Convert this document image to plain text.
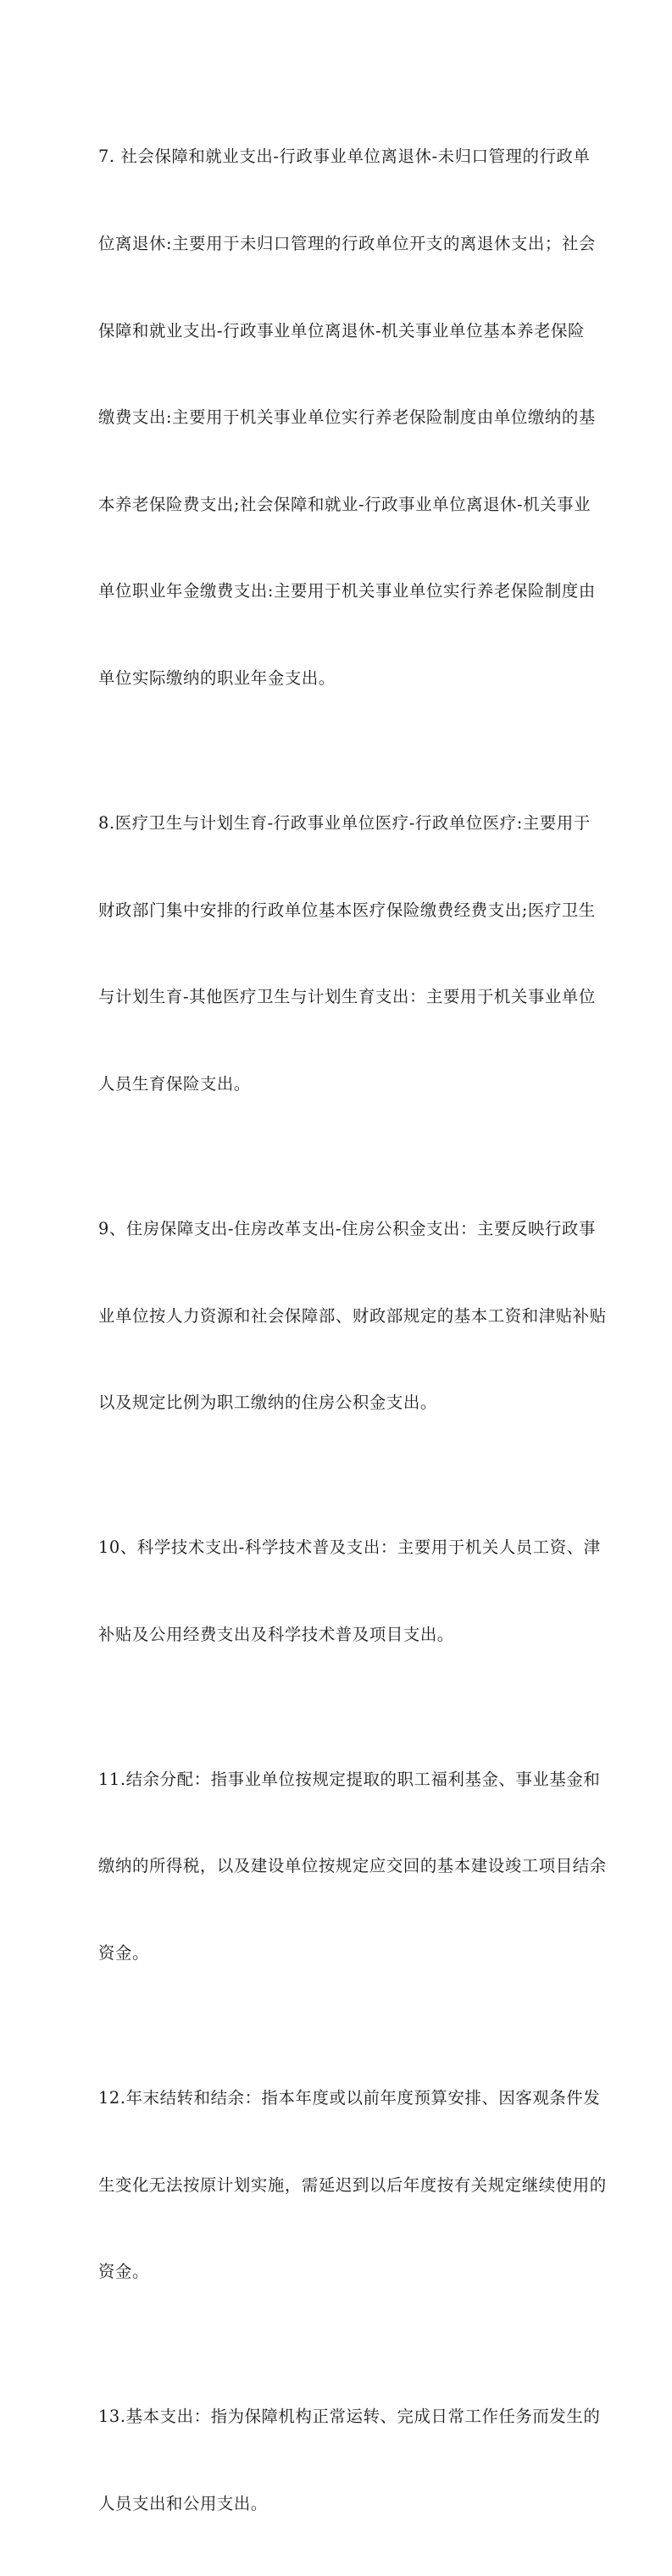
7. 社会保障和就业支出-行政事业单位离退休-未归口管理的行政单

位离退休:主要用于未归口管理的行政单位开支的离退休支出；社会

保障和就业支出-行政事业单位离退休-机关事业单位基本养老保险

缴费支出:主要用于机关事业单位实行养老保险制度由单位缴纳的基

本养老保险费支出;社会保障和就业-行政事业单位离退休-机关事业

单位职业年金缴费支出:主要用于机关事业单位实行养老保险制度由

单位实际缴纳的职业年金支出。

8.医疗卫生与计划生育-行政事业单位医疗-行政单位医疗:主要用于

财政部门集中安排的行政单位基本医疗保险缴费经费支出;医疗卫生

与计划生育-其他医疗卫生与计划生育支出：主要用于机关事业单位

人员生育保险支出。

9、住房保障支出-住房改革支出-住房公积金支出：主要反映行政事

业单位按人力资源和社会保障部、财政部规定的基本工资和津贴补贴

以及规定比例为职工缴纳的住房公积金支出。

10、科学技术支出-科学技术普及支出：主要用于机关人员工资、津

补贴及公用经费支出及科学技术普及项目支出。

11.结余分配：指事业单位按规定提取的职工福利基金、事业基金和

缴纳的所得税，以及建设单位按规定应交回的基本建设竣工项目结余

资金。

12.年末结转和结余：指本年度或以前年度预算安排、因客观条件发

生变化无法按原计划实施，需延迟到以后年度按有关规定继续使用的

资金。

13.基本支出：指为保障机构正常运转、完成日常工作任务而发生的

人员支出和公用支出。
